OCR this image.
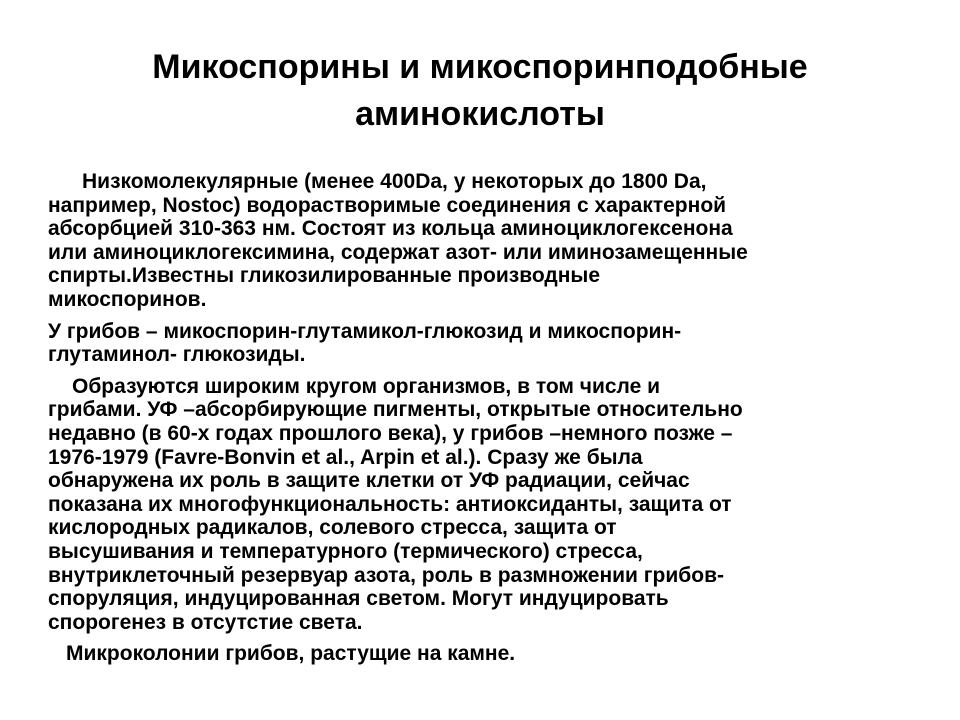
Микоспорины и микоспоринподобные
аминокислоты

Низкомолекулярные (менее 400Da, у некоторых до 1800 Da,
например, Nostoc) водорастворимые соединения с характерной
абсорбцией 310-363 нм. Состоят из кольца аминоциклогексенона
или аминоциклогексимина, содержат азот- или иминозамещенные
спирты.Известны гликозилированные производные
микоспоринов.

У грибов – микоспорин-глутамикол-глюкозид и микоспорин-
глутаминол- глюкозиды.

Образуются широким кругом организмов, в том числе и
грибами. УФ –абсорбирующие пигменты, открытые относительно
недавно (в 60-х годах прошлого века), у грибов –немного позже –
1976-1979 (Favre-Bonvin et al., Arpin et al.). Сразу же была
обнаружена их роль в защите клетки от УФ радиации, сейчас
показана их многофункциональность: антиоксиданты, защита от
кислородных радикалов, солевого стресса, защита от
высушивания и температурного (термического) стресса,
внутриклеточный резервуар азота, роль в размножении грибов-
споруляция, индуцированная светом. Могут индуцировать
спорогенез в отсутстие света.

Микроколонии грибов, растущие на камне.
